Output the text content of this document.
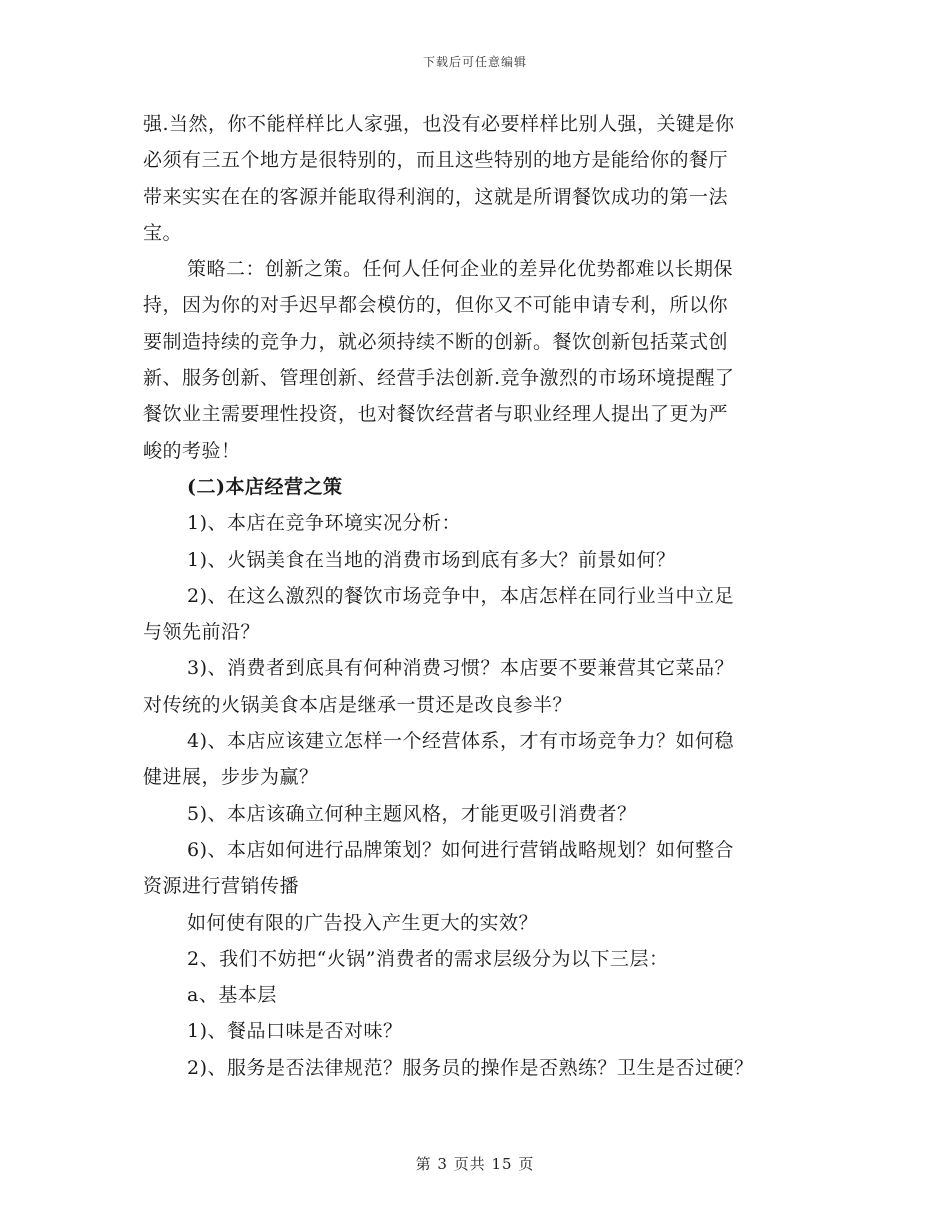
下载后可任意编辑
强.当然，你不能样样比人家强，也没有必要样样比别人强，关键是你
必须有三五个地方是很特别的，而且这些特别的地方是能给你的餐厅
带来实实在在的客源并能取得利润的，这就是所谓餐饮成功的第一法
宝。
策略二：创新之策。任何人任何企业的差异化优势都难以长期保
持，因为你的对手迟早都会模仿的，但你又不可能申请专利，所以你
要制造持续的竞争力，就必须持续不断的创新。餐饮创新包括菜式创
新、服务创新、管理创新、经营手法创新.竞争激烈的市场环境提醒了
餐饮业主需要理性投资，也对餐饮经营者与职业经理人提出了更为严
峻的考验！
(二)本店经营之策
1)、本店在竞争环境实况分析：
1)、火锅美食在当地的消费市场到底有多大？前景如何？
2)、在这么激烈的餐饮市场竞争中，本店怎样在同行业当中立足
与领先前沿？
3)、消费者到底具有何种消费习惯？本店要不要兼营其它菜品？
对传统的火锅美食本店是继承一贯还是改良参半？
4)、本店应该建立怎样一个经营体系，才有市场竞争力？如何稳
健进展，步步为赢？
5)、本店该确立何种主题风格，才能更吸引消费者？
6)、本店如何进行品牌策划？如何进行营销战略规划？如何整合
资源进行营销传播
如何使有限的广告投入产生更大的实效？
2、我们不妨把“火锅”消费者的需求层级分为以下三层：
a、基本层
1)、餐品口味是否对味？
2)、服务是否法律规范？服务员的操作是否熟练？卫生是否过硬？
第 3 页共 15 页
